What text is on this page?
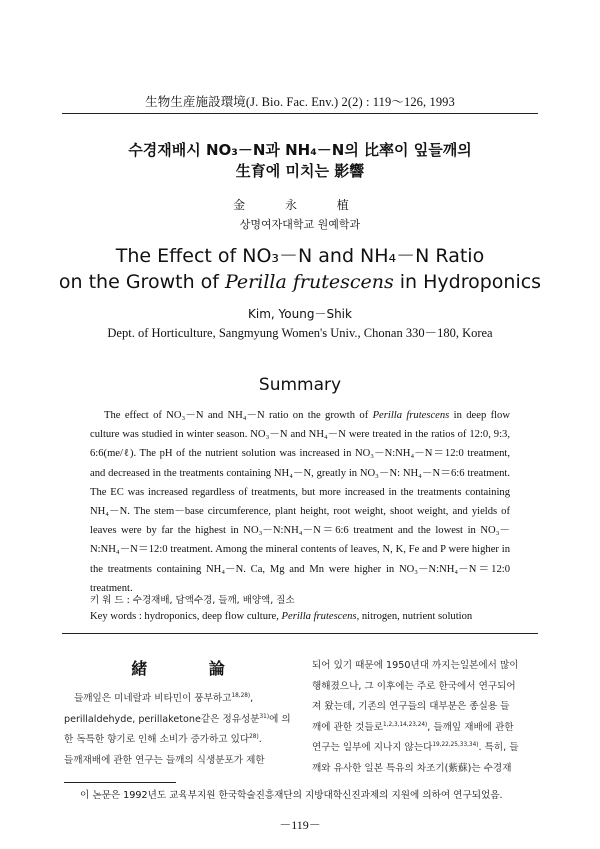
生物生産施設環境(J. Bio. Fac. Env.) 2(2) : 119～126, 1993
수경재배시 NO₃－N과 NH₄－N의 比率이 잎들깨의
生育에 미치는 影響
金 永 植
상명여자대학교 원예학과
The Effect of NO₃－N and NH₄－N Ratio
on the Growth of Perilla frutescens in Hydroponics
Kim, Young－Shik
Dept. of Horticulture, Sangmyung Women's Univ., Chonan 330－180, Korea
Summary

The effect of NO₃－N and NH₄－N ratio on the growth of Perilla frutescens in deep flow culture was studied in winter season. NO₃－N and NH₄－N were treated in the ratios of 12:0, 9:3, 6:6(me/ℓ). The pH of the nutrient solution was increased in NO₃－N:NH₄－N＝12:0 treatment, and decreased in the treatments containing NH₄－N, greatly in NO₃－N: NH₄－N＝6:6 treatment. The EC was increased regardless of treatments, but more increased in the treatments containing NH₄－N. The stem－base circumference, plant height, root weight, shoot weight, and yields of leaves were by far the highest in NO₃－N:NH₄－N＝6:6 treatment and the lowest in NO₃－N:NH₄－N＝12:0 treatment. Among the mineral contents of leaves, N, K, Fe and P were higher in the treatments containing NH₄－N. Ca, Mg and Mn were higher in NO₃－N:NH₄－N＝12:0 treatment.

키 워 드 : 수경재배, 담액수경, 들깨, 배양액, 질소
Key words : hydroponics, deep flow culture, Perilla frutescens, nitrogen, nutrient solution
緒 論
들깨잎은 미네랄과 비타민이 풍부하고$^{18,28)}$,
perillaldehyde, perillaketone같은 정유성분$^{31)}$에 의
한 독특한 향기로 인해 소비가 증가하고 있다$^{28)}$.
들깨재배에 관한 연구는 들깨의 식생분포가 제한
되어 있기 때문에 1950년대 까지는일본에서 많이
행해졌으나, 그 이후에는 주로 한국에서 연구되어
져 왔는데, 기존의 연구들의 대부분은 종실용 들
깨에 관한 것들로$^{1,2,3,14,23,24)}$, 들깨잎 재배에 관한
연구는 일부에 지나지 않는다$^{19,22,25,33,34)}$. 특히, 들
깨와 유사한 일본 특유의 차조기(紫蘇)는 수경재
이 논문은 1992년도 교육부지원 한국학술진흥재단의 지방대학신진과제의 지원에 의하여 연구되었음.
－119－
